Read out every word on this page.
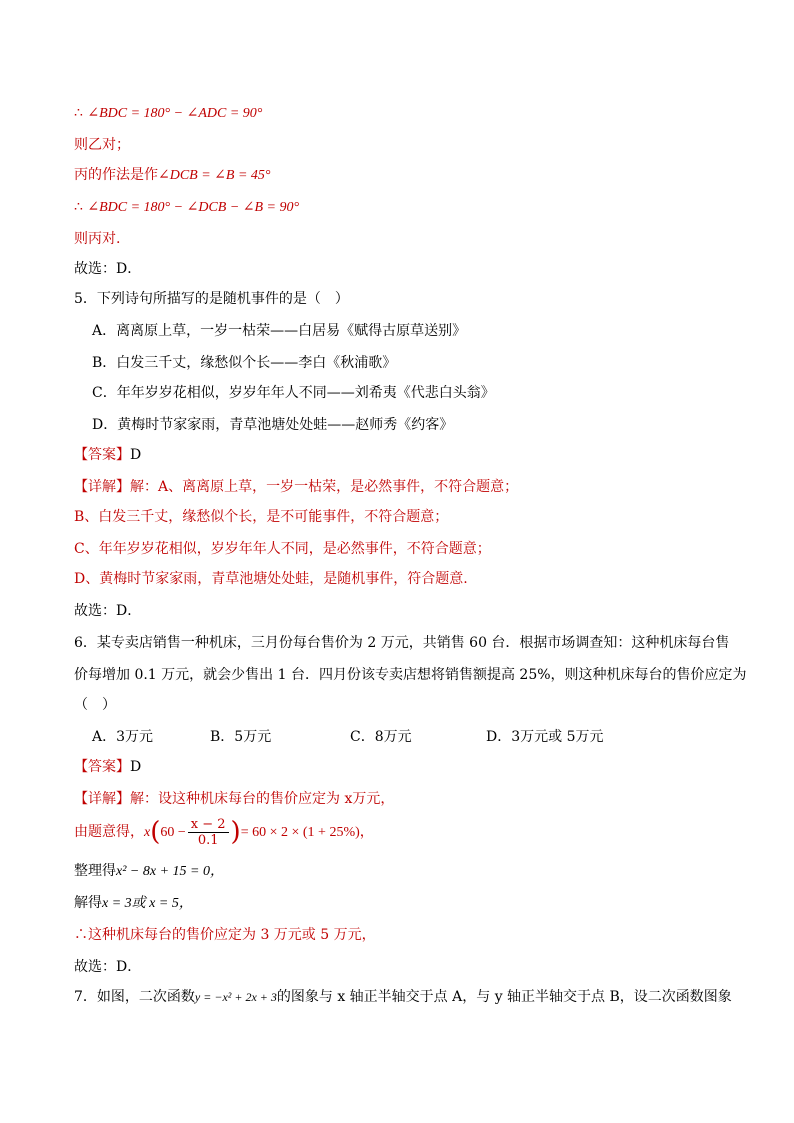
∴ ∠BDC = 180° − ∠ADC = 90°
则乙对；
丙的作法是作∠DCB = ∠B = 45°
∴ ∠BDC = 180° − ∠DCB − ∠B = 90°
则丙对.
故选：D．
5．下列诗句所描写的是随机事件的是（　）
A．离离原上草，一岁一枯荣——白居易《赋得古原草送别》
B．白发三千丈，缘愁似个长——李白《秋浦歌》
C．年年岁岁花相似，岁岁年年人不同——刘希夷《代悲白头翁》
D．黄梅时节家家雨，青草池塘处处蛙——赵师秀《约客》
【答案】D
【详解】解：A、离离原上草，一岁一枯荣，是必然事件，不符合题意；
B、白发三千丈，缘愁似个长，是不可能事件，不符合题意；
C、年年岁岁花相似，岁岁年年人不同，是必然事件，不符合题意；
D、黄梅时节家家雨，青草池塘处处蛙，是随机事件，符合题意.
故选：D．
6．某专卖店销售一种机床，三月份每台售价为 2 万元，共销售 60 台．根据市场调查知：这种机床每台售
价每增加 0.1 万元，就会少售出 1 台．四月份该专卖店想将销售额提高 25%，则这种机床每台的售价应定为
（　）
A．3万元	B．5万元	C．8万元	D．3万元或 5万元
【答案】D
【详解】解：设这种机床每台的售价应定为 x万元，
由题意得，$x(60 - \frac{x - 2}{0.1}$ )= 60 × 2 × (1 + 25%)，
整理得x² − 8x + 15 = 0，
解得x = 3或 x = 5，
∴这种机床每台的售价应定为 3 万元或 5 万元，
故选：D．
7．如图，二次函数y = −x² + 2x + 3的图象与 x 轴正半轴交于点 A，与 y 轴正半轴交于点 B，设二次函数图象
